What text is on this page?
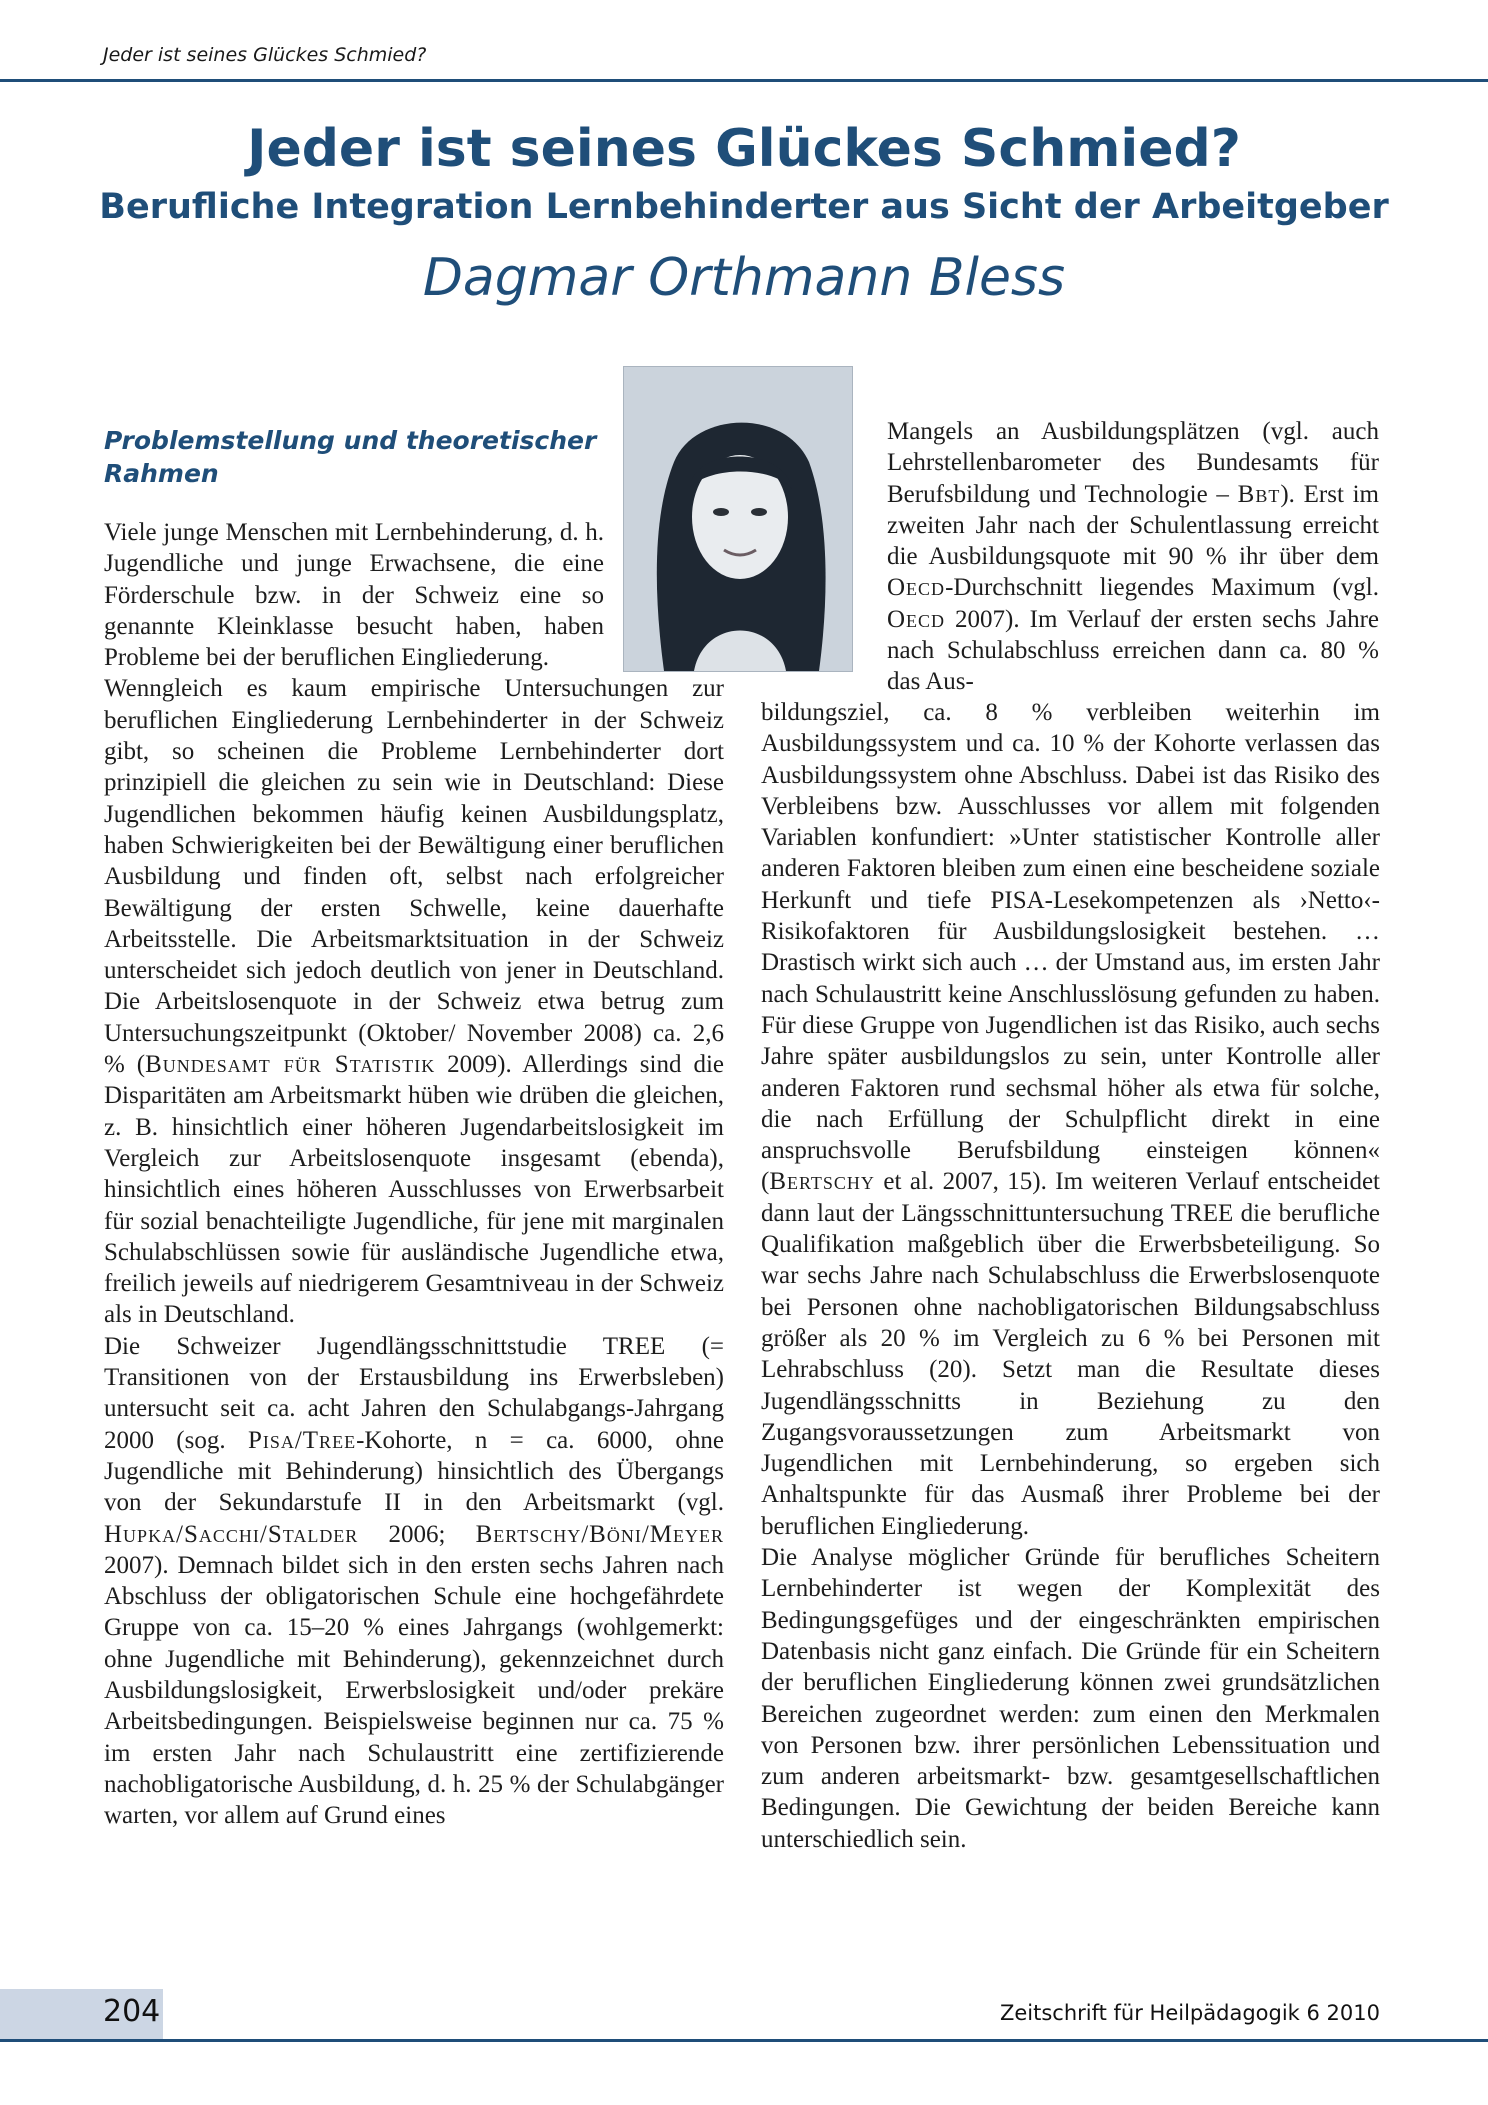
Jeder ist seines Glückes Schmied?
Jeder ist seines Glückes Schmied?
Berufliche Integration Lernbehinderter aus Sicht der Arbeitgeber
Dagmar Orthmann Bless
Problemstellung und theoretischer Rahmen

Viele junge Menschen mit Lernbehinderung, d. h. Jugendliche und junge Erwachsene, die eine Förderschule bzw. in der Schweiz eine so genannte Kleinklasse besucht haben, haben Probleme bei der beruflichen Eingliederung.

Wenngleich es kaum empirische Untersuchungen zur beruflichen Eingliederung Lernbehinderter in der Schweiz gibt, so scheinen die Probleme Lernbehinderter dort prinzipiell die gleichen zu sein wie in Deutschland: Diese Jugendlichen bekommen häufig keinen Ausbildungsplatz, haben Schwierigkeiten bei der Bewältigung einer beruflichen Ausbildung und finden oft, selbst nach erfolgreicher Bewältigung der ersten Schwelle, keine dauerhafte Arbeitsstelle. Die Arbeitsmarktsituation in der Schweiz unterscheidet sich jedoch deutlich von jener in Deutschland. Die Arbeitslosenquote in der Schweiz etwa betrug zum Untersuchungszeitpunkt (Oktober/ November 2008) ca. 2,6 % (Bundesamt für Statistik 2009). Allerdings sind die Disparitäten am Arbeitsmarkt hüben wie drüben die gleichen, z. B. hinsichtlich einer höheren Jugendarbeitslosigkeit im Vergleich zur Arbeitslosenquote insgesamt (ebenda), hinsichtlich eines höheren Ausschlusses von Erwerbsarbeit für sozial benachteiligte Jugendliche, für jene mit marginalen Schulabschlüssen sowie für ausländische Jugendliche etwa, freilich jeweils auf niedrigerem Gesamtniveau in der Schweiz als in Deutschland.

Die Schweizer Jugendlängsschnittstudie TREE (= Transitionen von der Erstausbildung ins Erwerbsleben) untersucht seit ca. acht Jahren den Schulabgangs-Jahrgang 2000 (sog. Pisa/Tree-Kohorte, n = ca. 6000, ohne Jugendliche mit Behinderung) hinsichtlich des Übergangs von der Sekundarstufe II in den Arbeitsmarkt (vgl. Hupka/Sacchi/Stalder 2006; Bertschy/Böni/Meyer 2007). Demnach bildet sich in den ersten sechs Jahren nach Abschluss der obligatorischen Schule eine hochgefährdete Gruppe von ca. 15–20 % eines Jahrgangs (wohlgemerkt: ohne Jugendliche mit Behinderung), gekennzeichnet durch Ausbildungslosigkeit, Erwerbslosigkeit und/oder prekäre Arbeitsbedingungen. Beispielsweise beginnen nur ca. 75 % im ersten Jahr nach Schulaustritt eine zertifizierende nachobligatorische Ausbildung, d. h. 25 % der Schulabgänger warten, vor allem auf Grund eines

Mangels an Ausbildungsplätzen (vgl. auch Lehrstellenbarometer des Bundesamts für Berufsbildung und Technologie – Bbt). Erst im zweiten Jahr nach der Schulentlassung erreicht die Ausbildungsquote mit 90 % ihr über dem Oecd-Durchschnitt liegendes Maximum (vgl. Oecd 2007). Im Verlauf der ersten sechs Jahre nach Schulabschluss erreichen dann ca. 80 % das Aus-

bildungsziel, ca. 8 % verbleiben weiterhin im Ausbildungssystem und ca. 10 % der Kohorte verlassen das Ausbildungssystem ohne Abschluss. Dabei ist das Risiko des Verbleibens bzw. Ausschlusses vor allem mit folgenden Variablen konfundiert: »Unter statistischer Kontrolle aller anderen Faktoren bleiben zum einen eine bescheidene soziale Herkunft und tiefe PISA-Lesekompetenzen als ›Netto‹-Risikofaktoren für Ausbildungslosigkeit bestehen. … Drastisch wirkt sich auch … der Umstand aus, im ersten Jahr nach Schulaustritt keine Anschlusslösung gefunden zu haben. Für diese Gruppe von Jugendlichen ist das Risiko, auch sechs Jahre später ausbildungslos zu sein, unter Kontrolle aller anderen Faktoren rund sechsmal höher als etwa für solche, die nach Erfüllung der Schulpflicht direkt in eine anspruchsvolle Berufsbildung einsteigen können« (Bertschy et al. 2007, 15). Im weiteren Verlauf entscheidet dann laut der Längsschnittuntersuchung TREE die berufliche Qualifikation maßgeblich über die Erwerbsbeteiligung. So war sechs Jahre nach Schulabschluss die Erwerbslosenquote bei Personen ohne nachobligatorischen Bildungsabschluss größer als 20 % im Vergleich zu 6 % bei Personen mit Lehrabschluss (20). Setzt man die Resultate dieses Jugendlängsschnitts in Beziehung zu den Zugangsvoraussetzungen zum Arbeitsmarkt von Jugendlichen mit Lernbehinderung, so ergeben sich Anhaltspunkte für das Ausmaß ihrer Probleme bei der beruflichen Eingliederung.

Die Analyse möglicher Gründe für berufliches Scheitern Lernbehinderter ist wegen der Komplexität des Bedingungsgefüges und der eingeschränkten empirischen Datenbasis nicht ganz einfach. Die Gründe für ein Scheitern der beruflichen Eingliederung können zwei grundsätzlichen Bereichen zugeordnet werden: zum einen den Merkmalen von Personen bzw. ihrer persönlichen Lebenssituation und zum anderen arbeitsmarkt- bzw. gesamtgesellschaftlichen Bedingungen. Die Gewichtung der beiden Bereiche kann unterschiedlich sein.

204	Zeitschrift für Heilpädagogik 6 2010
